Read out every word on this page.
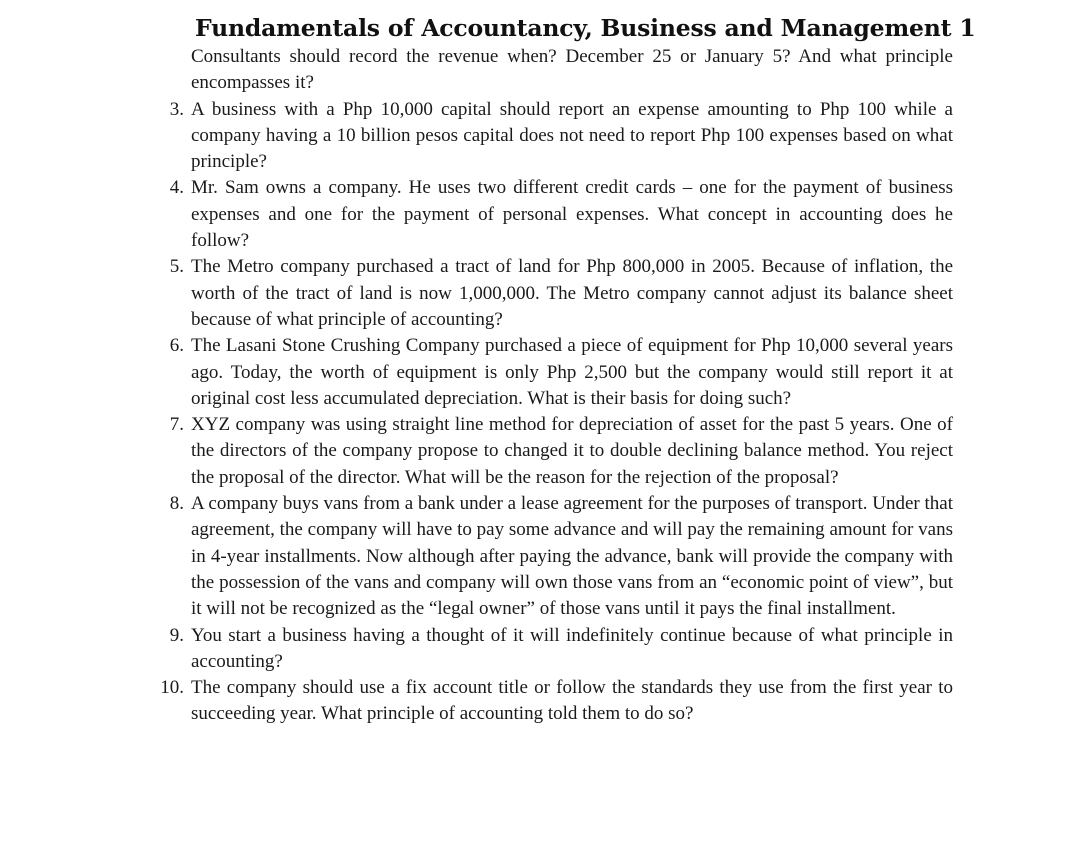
Fundamentals of Accountancy, Business and Management 1
Consultants should record the revenue when? December 25 or January 5? And what principle encompasses it?
3. A business with a Php 10,000 capital should report an expense amounting to Php 100 while a company having a 10 billion pesos capital does not need to report Php 100 expenses based on what principle?
4. Mr. Sam owns a company. He uses two different credit cards – one for the payment of business expenses and one for the payment of personal expenses. What concept in accounting does he follow?
5. The Metro company purchased a tract of land for Php 800,000 in 2005. Because of inflation, the worth of the tract of land is now 1,000,000. The Metro company cannot adjust its balance sheet because of what principle of accounting?
6. The Lasani Stone Crushing Company purchased a piece of equipment for Php 10,000 several years ago. Today, the worth of equipment is only Php 2,500 but the company would still report it at original cost less accumulated depreciation. What is their basis for doing such?
7. XYZ company was using straight line method for depreciation of asset for the past 5 years. One of the directors of the company propose to changed it to double declining balance method. You reject the proposal of the director. What will be the reason for the rejection of the proposal?
8. A company buys vans from a bank under a lease agreement for the purposes of transport. Under that agreement, the company will have to pay some advance and will pay the remaining amount for vans in 4-year installments. Now although after paying the advance, bank will provide the company with the possession of the vans and company will own those vans from an “economic point of view”, but it will not be recognized as the “legal owner” of those vans until it pays the final installment.
9. You start a business having a thought of it will indefinitely continue because of what principle in accounting?
10. The company should use a fix account title or follow the standards they use from the first year to succeeding year. What principle of accounting told them to do so?
